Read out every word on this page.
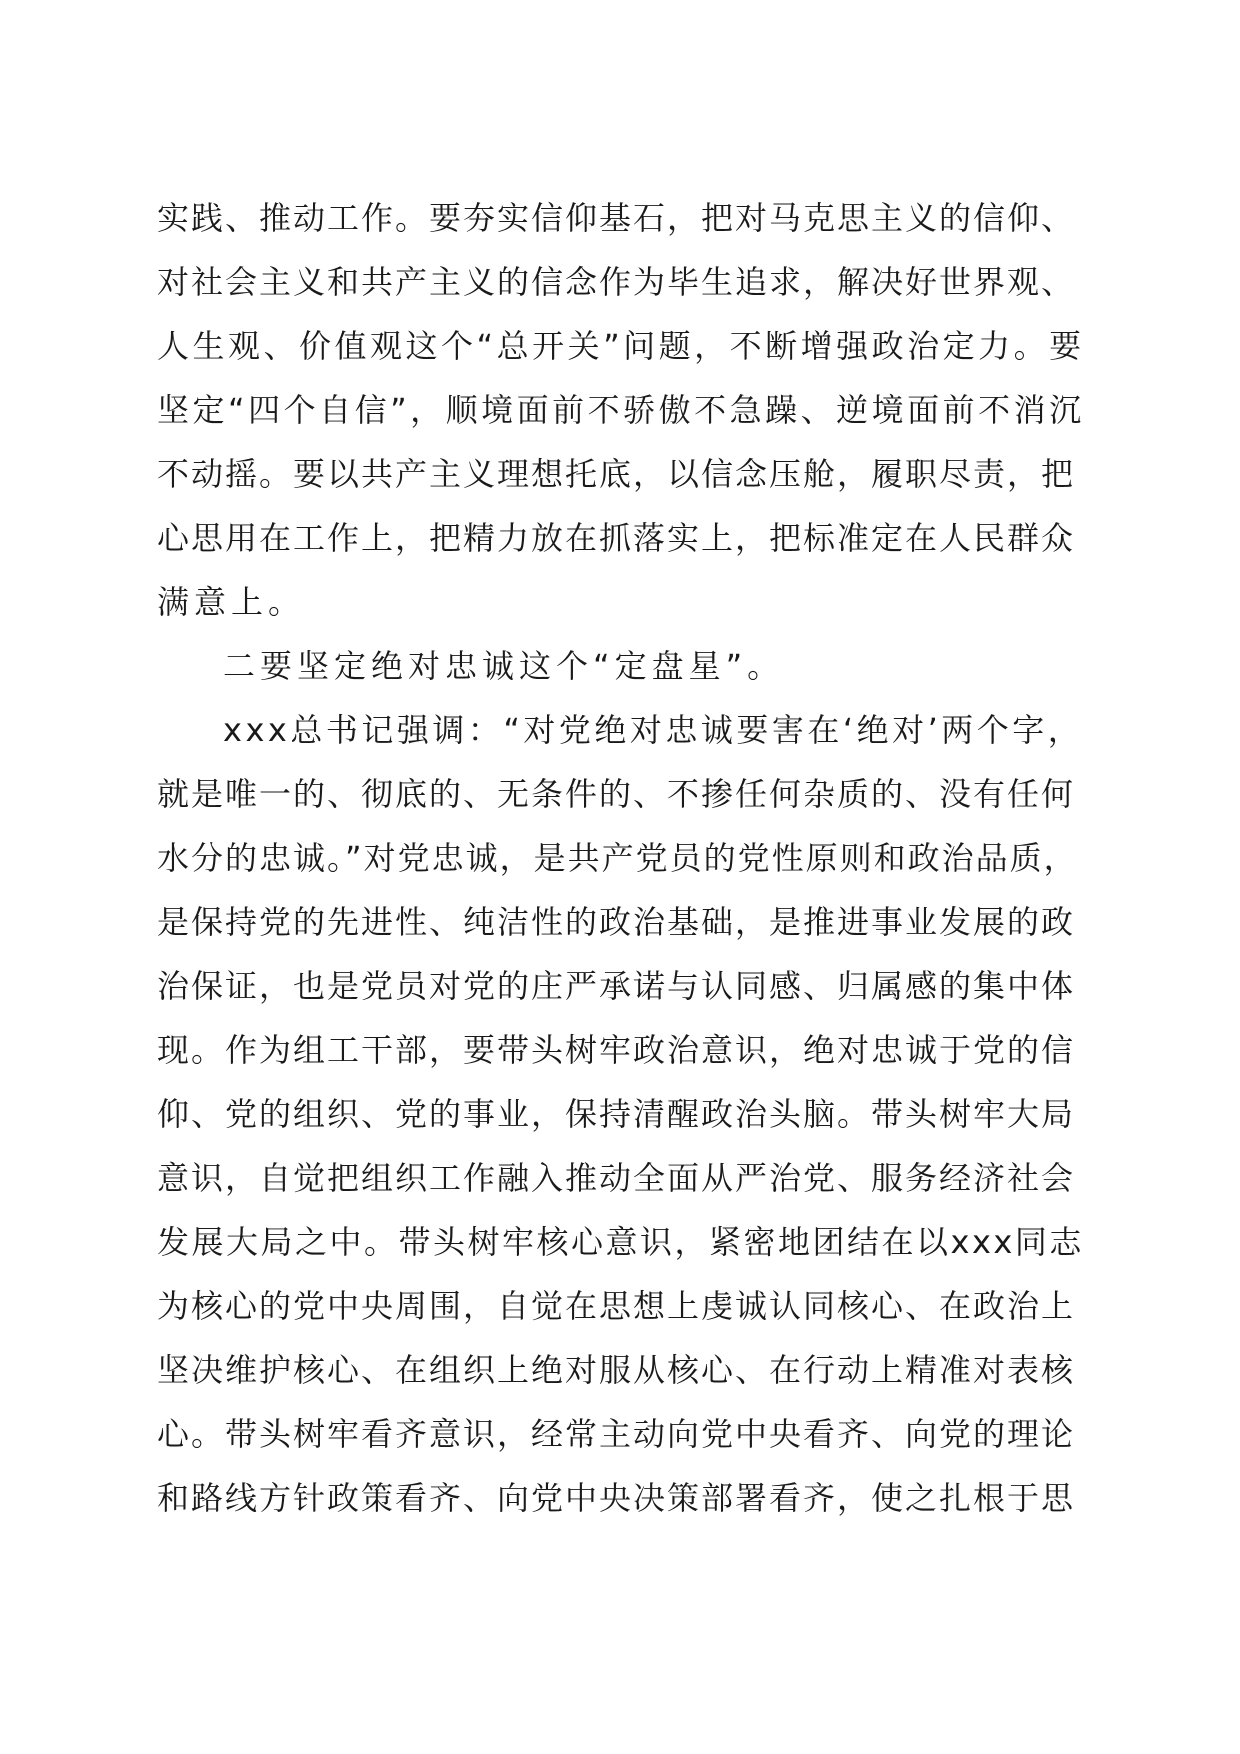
实践、推动工作。要夯实信仰基石，把对马克思主义的信仰、
对社会主义和共产主义的信念作为毕生追求，解决好世界观、
人生观、价值观这个“总开关”问题，不断增强政治定力。要
坚定“四个自信”，顺境面前不骄傲不急躁、逆境面前不消沉
不动摇。要以共产主义理想托底，以信念压舱，履职尽责，把
心思用在工作上，把精力放在抓落实上，把标准定在人民群众
满意上。
二要坚定绝对忠诚这个“定盘星”。
xxx总书记强调：“对党绝对忠诚要害在‘绝对’两个字，
就是唯一的、彻底的、无条件的、不掺任何杂质的、没有任何
水分的忠诚。”对党忠诚，是共产党员的党性原则和政治品质，
是保持党的先进性、纯洁性的政治基础，是推进事业发展的政
治保证，也是党员对党的庄严承诺与认同感、归属感的集中体
现。作为组工干部，要带头树牢政治意识，绝对忠诚于党的信
仰、党的组织、党的事业，保持清醒政治头脑。带头树牢大局
意识，自觉把组织工作融入推动全面从严治党、服务经济社会
发展大局之中。带头树牢核心意识，紧密地团结在以xxx同志
为核心的党中央周围，自觉在思想上虔诚认同核心、在政治上
坚决维护核心、在组织上绝对服从核心、在行动上精准对表核
心。带头树牢看齐意识，经常主动向党中央看齐、向党的理论
和路线方针政策看齐、向党中央决策部署看齐，使之扎根于思
